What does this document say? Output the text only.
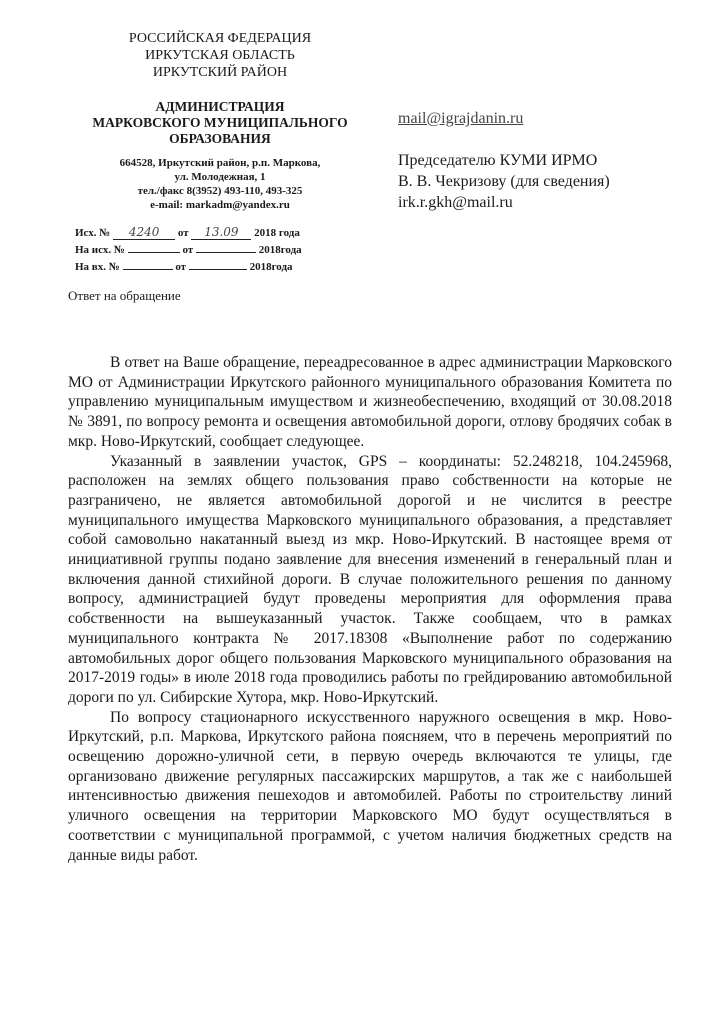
РОССИЙСКАЯ ФЕДЕРАЦИЯ
ИРКУТСКАЯ ОБЛАСТЬ
ИРКУТСКИЙ РАЙОН
АДМИНИСТРАЦИЯ
МАРКОВСКОГО МУНИЦИПАЛЬНОГО
ОБРАЗОВАНИЯ
664528, Иркутский район, р.п. Маркова,
ул. Молодежная, 1
тел./факс 8(3952) 493-110, 493-325
e-mail: markadm@yandex.ru
Исх. № 4240 от 13.09 2018 года
На исх. №	от	2018года
На вх. №	от	2018года
mail@igrajdanin.ru
Председателю КУМИ ИРМО
В. В. Чекризову (для сведения)
irk.r.gkh@mail.ru
Ответ на обращение

В ответ на Ваше обращение, переадресованное в адрес администрации Марковского МО от Администрации Иркутского районного муниципального образования Комитета по управлению муниципальным имуществом и жизнеобеспечению, входящий от 30.08.2018 № 3891, по вопросу ремонта и освещения автомобильной дороги, отлову бродячих собак в мкр. Ново-Иркутский, сообщает следующее.

Указанный в заявлении участок, GPS – координаты: 52.248218, 104.245968, расположен на землях общего пользования право собственности на которые не разграничено, не является автомобильной дорогой и не числится в реестре муниципального имущества Марковского муниципального образования, а представляет собой самовольно накатанный выезд из мкр. Ново-Иркутский. В настоящее время от инициативной группы подано заявление для внесения изменений в генеральный план и включения данной стихийной дороги. В случае положительного решения по данному вопросу, администрацией будут проведены мероприятия для оформления права собственности на вышеуказанный участок. Также сообщаем, что в рамках муниципального контракта № 2017.18308 «Выполнение работ по содержанию автомобильных дорог общего пользования Марковского муниципального образования на 2017-2019 годы» в июле 2018 года проводились работы по грейдированию автомобильной дороги по ул. Сибирские Хутора, мкр. Ново-Иркутский.

По вопросу стационарного искусственного наружного освещения в мкр. Ново-Иркутский, р.п. Маркова, Иркутского района поясняем, что в перечень мероприятий по освещению дорожно-уличной сети, в первую очередь включаются те улицы, где организовано движение регулярных пассажирских маршрутов, а так же с наибольшей интенсивностью движения пешеходов и автомобилей. Работы по строительству линий уличного освещения на территории Марковского МО будут осуществляться в соответствии с муниципальной программой, с учетом наличия бюджетных средств на данные виды работ.
